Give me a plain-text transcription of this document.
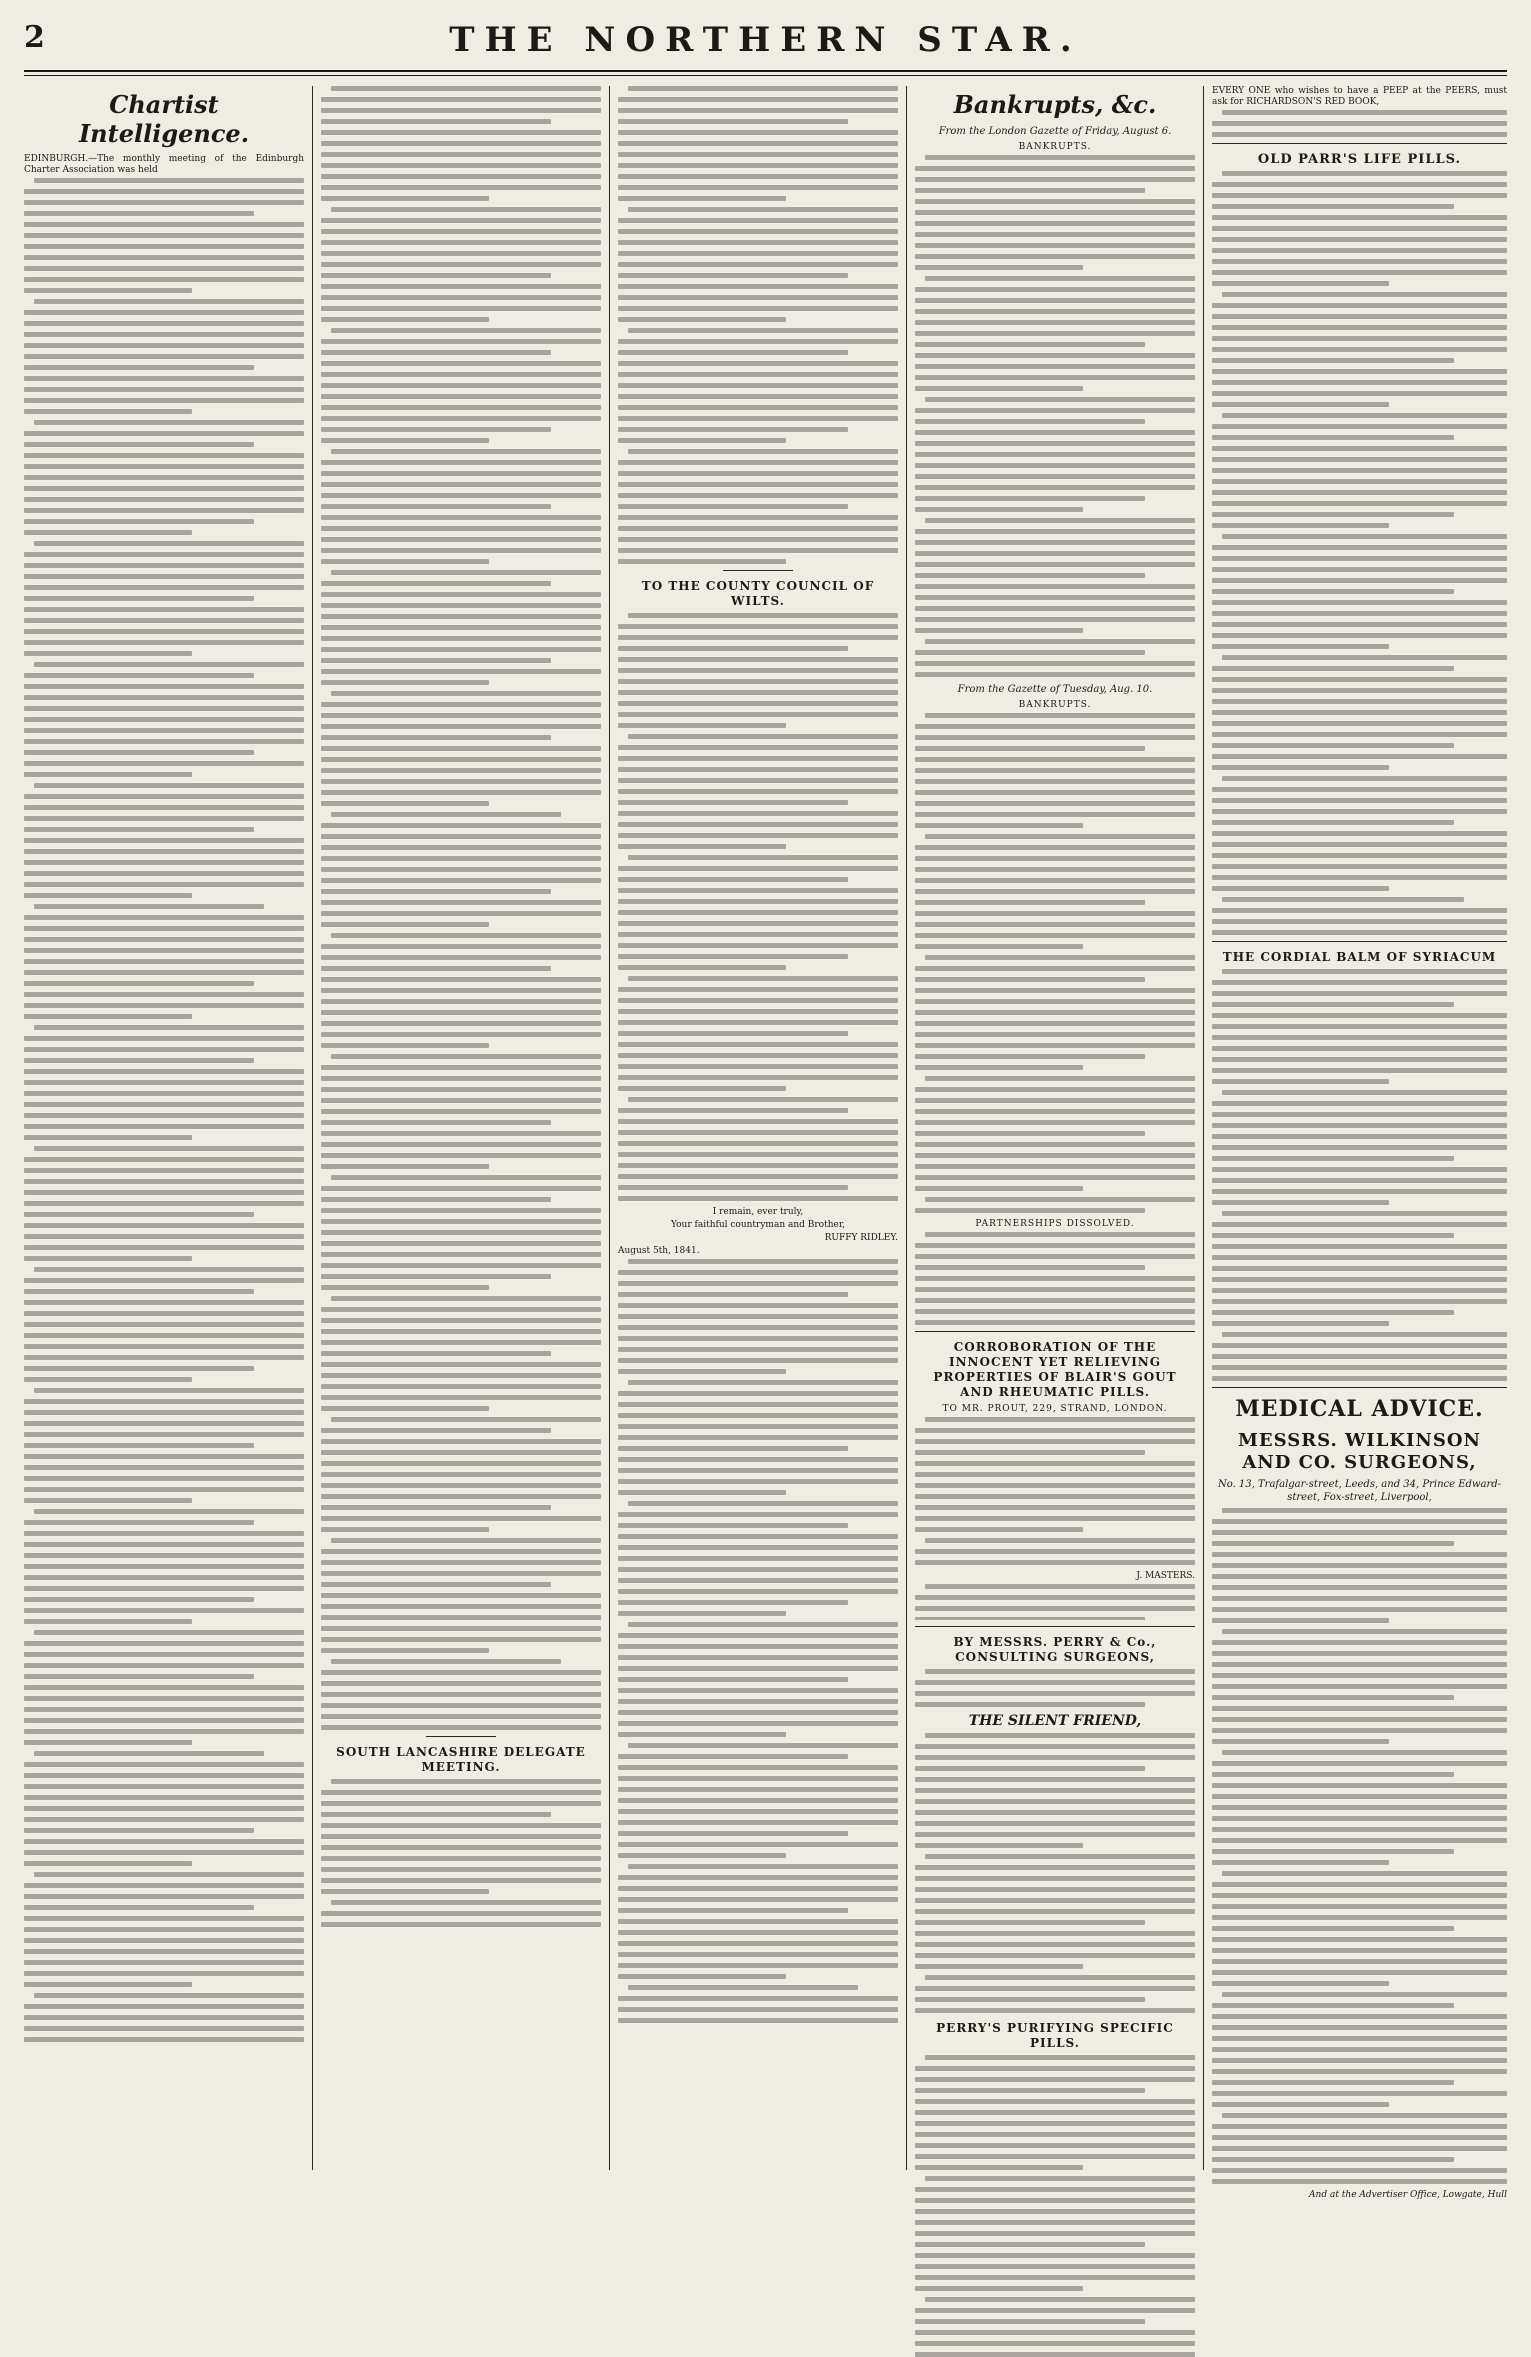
2	THE NORTHERN STAR.
Chartist Intelligence.
EDINBURGH.—The monthly meeting of the Edinburgh Charter Association was held
SOUTH LANCASHIRE DELEGATE MEETING.
TO THE COUNTY COUNCIL OF WILTS.
I remain, ever truly,
Your faithful countryman and Brother,
RUFFY RIDLEY.
August 5th, 1841.
Bankrupts, &c.
From the London Gazette of Friday, August 6.
BANKRUPTS.
From the Gazette of Tuesday, Aug. 10.
BANKRUPTS.
PARTNERSHIPS DISSOLVED.
CORROBORATION OF THE INNOCENT YET RELIEVING PROPERTIES OF BLAIR'S GOUT AND RHEUMATIC PILLS.
TO MR. PROUT, 229, STRAND, LONDON.
J. MASTERS.
EVERY ONE who wishes to have a PEEP at the PEERS, must ask for RICHARDSON'S RED BOOK,
OLD PARR'S LIFE PILLS.
THE CORDIAL BALM OF SYRIACUM
MEDICAL ADVICE.
MESSRS. WILKINSON AND CO. SURGEONS,
No. 13, Trafalgar-street, Leeds, and 34, Prince Edward-street, Fox-street, Liverpool,
And at the Advertiser Office, Lowgate, Hull
BY MESSRS. PERRY & Co., CONSULTING SURGEONS,
THE SILENT FRIEND,
PERRY'S PURIFYING SPECIFIC PILLS.
